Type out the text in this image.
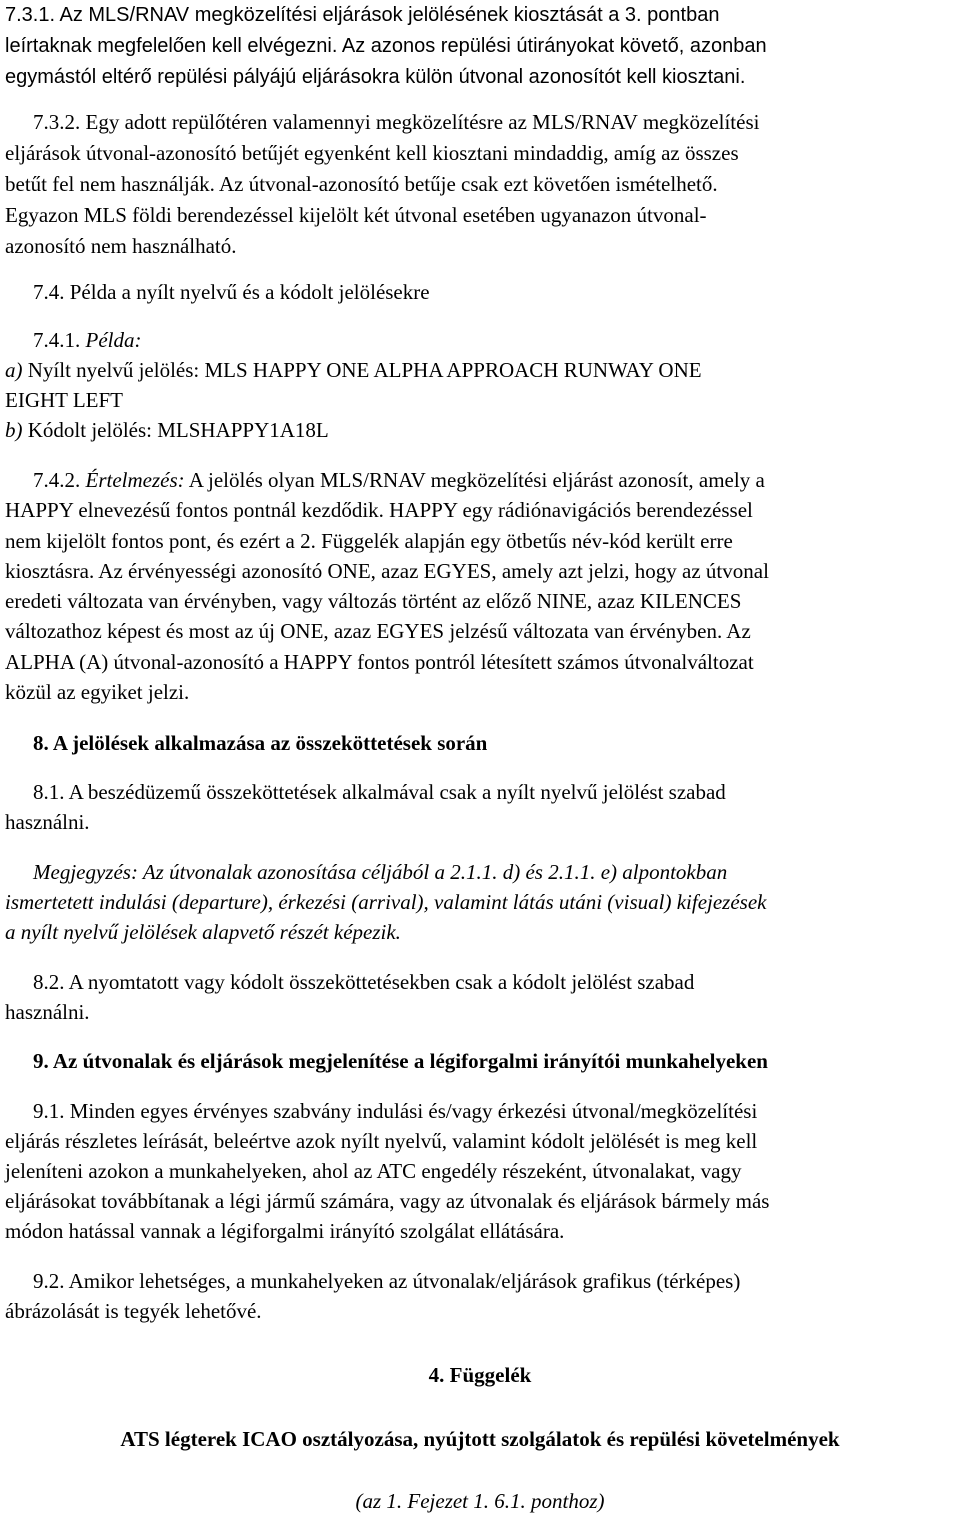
7.3.1. Az MLS/RNAV megközelítési eljárások jelölésének kiosztását a 3. pontban
leírtaknak megfelelően kell elvégezni. Az azonos repülési útirányokat követő, azonban
egymástól eltérő repülési pályájú eljárásokra külön útvonal azonosítót kell kiosztani.

7.3.2. Egy adott repülőtéren valamennyi megközelítésre az MLS/RNAV megközelítési
eljárások útvonal-azonosító betűjét egyenként kell kiosztani mindaddig, amíg az összes
betűt fel nem használják. Az útvonal-azonosító betűje csak ezt követően ismételhető.
Egyazon MLS földi berendezéssel kijelölt két útvonal esetében ugyanazon útvonal-
azonosító nem használható.

7.4. Példa a nyílt nyelvű és a kódolt jelölésekre

7.4.1. Példa:
a) Nyílt nyelvű jelölés: MLS HAPPY ONE ALPHA APPROACH RUNWAY ONE
EIGHT LEFT
b) Kódolt jelölés: MLSHAPPY1A18L

7.4.2. Értelmezés: A jelölés olyan MLS/RNAV megközelítési eljárást azonosít, amely a
HAPPY elnevezésű fontos pontnál kezdődik. HAPPY egy rádiónavigációs berendezéssel
nem kijelölt fontos pont, és ezért a 2. Függelék alapján egy ötbetűs név-kód került erre
kiosztásra. Az érvényességi azonosító ONE, azaz EGYES, amely azt jelzi, hogy az útvonal
eredeti változata van érvényben, vagy változás történt az előző NINE, azaz KILENCES
változathoz képest és most az új ONE, azaz EGYES jelzésű változata van érvényben. Az
ALPHA (A) útvonal-azonosító a HAPPY fontos pontról létesített számos útvonalváltozat
közül az egyiket jelzi.

8. A jelölések alkalmazása az összeköttetések során

8.1. A beszédüzemű összeköttetések alkalmával csak a nyílt nyelvű jelölést szabad
használni.

Megjegyzés: Az útvonalak azonosítása céljából a 2.1.1. d) és 2.1.1. e) alpontokban
ismertetett indulási (departure), érkezési (arrival), valamint látás utáni (visual) kifejezések
a nyílt nyelvű jelölések alapvető részét képezik.

8.2. A nyomtatott vagy kódolt összeköttetésekben csak a kódolt jelölést szabad
használni.

9. Az útvonalak és eljárások megjelenítése a légiforgalmi irányítói munkahelyeken

9.1. Minden egyes érvényes szabvány indulási és/vagy érkezési útvonal/megközelítési
eljárás részletes leírását, beleértve azok nyílt nyelvű, valamint kódolt jelölését is meg kell
jeleníteni azokon a munkahelyeken, ahol az ATC engedély részeként, útvonalakat, vagy
eljárásokat továbbítanak a légi jármű számára, vagy az útvonalak és eljárások bármely más
módon hatással vannak a légiforgalmi irányító szolgálat ellátására.

9.2. Amikor lehetséges, a munkahelyeken az útvonalak/eljárások grafikus (térképes)
ábrázolását is tegyék lehetővé.

4. Függelék

ATS légterek ICAO osztályozása, nyújtott szolgálatok és repülési követelmények

(az 1. Fejezet 1. 6.1. ponthoz)
